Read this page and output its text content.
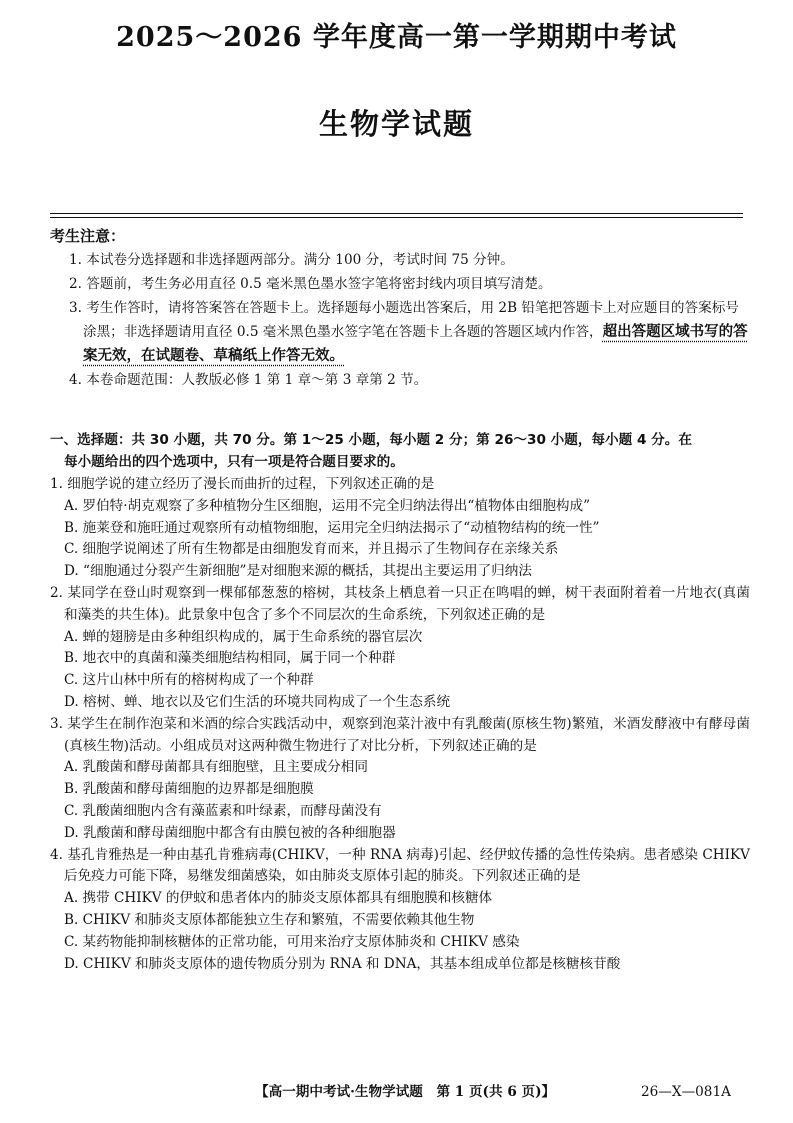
2025～2026 学年度高一第一学期期中考试
生物学试题
考生注意：

1. 本试卷分选择题和非选择题两部分。满分 100 分，考试时间 75 分钟。

2. 答题前，考生务必用直径 0.5 毫米黑色墨水签字笔将密封线内项目填写清楚。

3. 考生作答时，请将答案答在答题卡上。选择题每小题选出答案后，用 2B 铅笔把答题卡上对应题目的答案标号涂黑；非选择题请用直径 0.5 毫米黑色墨水签字笔在答题卡上各题的答题区域内作答，超出答题区域书写的答案无效，在试题卷、草稿纸上作答无效。

4. 本卷命题范围：人教版必修 1 第 1 章～第 3 章第 2 节。

一、选择题：共 30 小题，共 70 分。第 1～25 小题，每小题 2 分；第 26～30 小题，每小题 4 分。在
每小题给出的四个选项中，只有一项是符合题目要求的。

1. 细胞学说的建立经历了漫长而曲折的过程，下列叙述正确的是

A. 罗伯特·胡克观察了多种植物分生区细胞，运用不完全归纳法得出“植物体由细胞构成”

B. 施莱登和施旺通过观察所有动植物细胞，运用完全归纳法揭示了“动植物结构的统一性”

C. 细胞学说阐述了所有生物都是由细胞发育而来，并且揭示了生物间存在亲缘关系

D. “细胞通过分裂产生新细胞”是对细胞来源的概括，其提出主要运用了归纳法

2. 某同学在登山时观察到一棵郁郁葱葱的榕树，其枝条上栖息着一只正在鸣唱的蝉，树干表面附着着一片地衣(真菌和藻类的共生体)。此景象中包含了多个不同层次的生命系统，下列叙述正确的是

A. 蝉的翅膀是由多种组织构成的，属于生命系统的器官层次

B. 地衣中的真菌和藻类细胞结构相同，属于同一个种群

C. 这片山林中所有的榕树构成了一个种群

D. 榕树、蝉、地衣以及它们生活的环境共同构成了一个生态系统

3. 某学生在制作泡菜和米酒的综合实践活动中，观察到泡菜汁液中有乳酸菌(原核生物)繁殖，米酒发酵液中有酵母菌(真核生物)活动。小组成员对这两种微生物进行了对比分析，下列叙述正确的是

A. 乳酸菌和酵母菌都具有细胞壁，且主要成分相同

B. 乳酸菌和酵母菌细胞的边界都是细胞膜

C. 乳酸菌细胞内含有藻蓝素和叶绿素，而酵母菌没有

D. 乳酸菌和酵母菌细胞中都含有由膜包被的各种细胞器

4. 基孔肯雅热是一种由基孔肯雅病毒(CHIKV，一种 RNA 病毒)引起、经伊蚊传播的急性传染病。患者感染 CHIKV 后免疫力可能下降，易继发细菌感染，如由肺炎支原体引起的肺炎。下列叙述正确的是

A. 携带 CHIKV 的伊蚊和患者体内的肺炎支原体都具有细胞膜和核糖体

B. CHIKV 和肺炎支原体都能独立生存和繁殖，不需要依赖其他生物

C. 某药物能抑制核糖体的正常功能，可用来治疗支原体肺炎和 CHIKV 感染

D. CHIKV 和肺炎支原体的遗传物质分别为 RNA 和 DNA，其基本组成单位都是核糖核苷酸

【高一期中考试·生物学试题　第 1 页(共 6 页)】	26—X—081A
